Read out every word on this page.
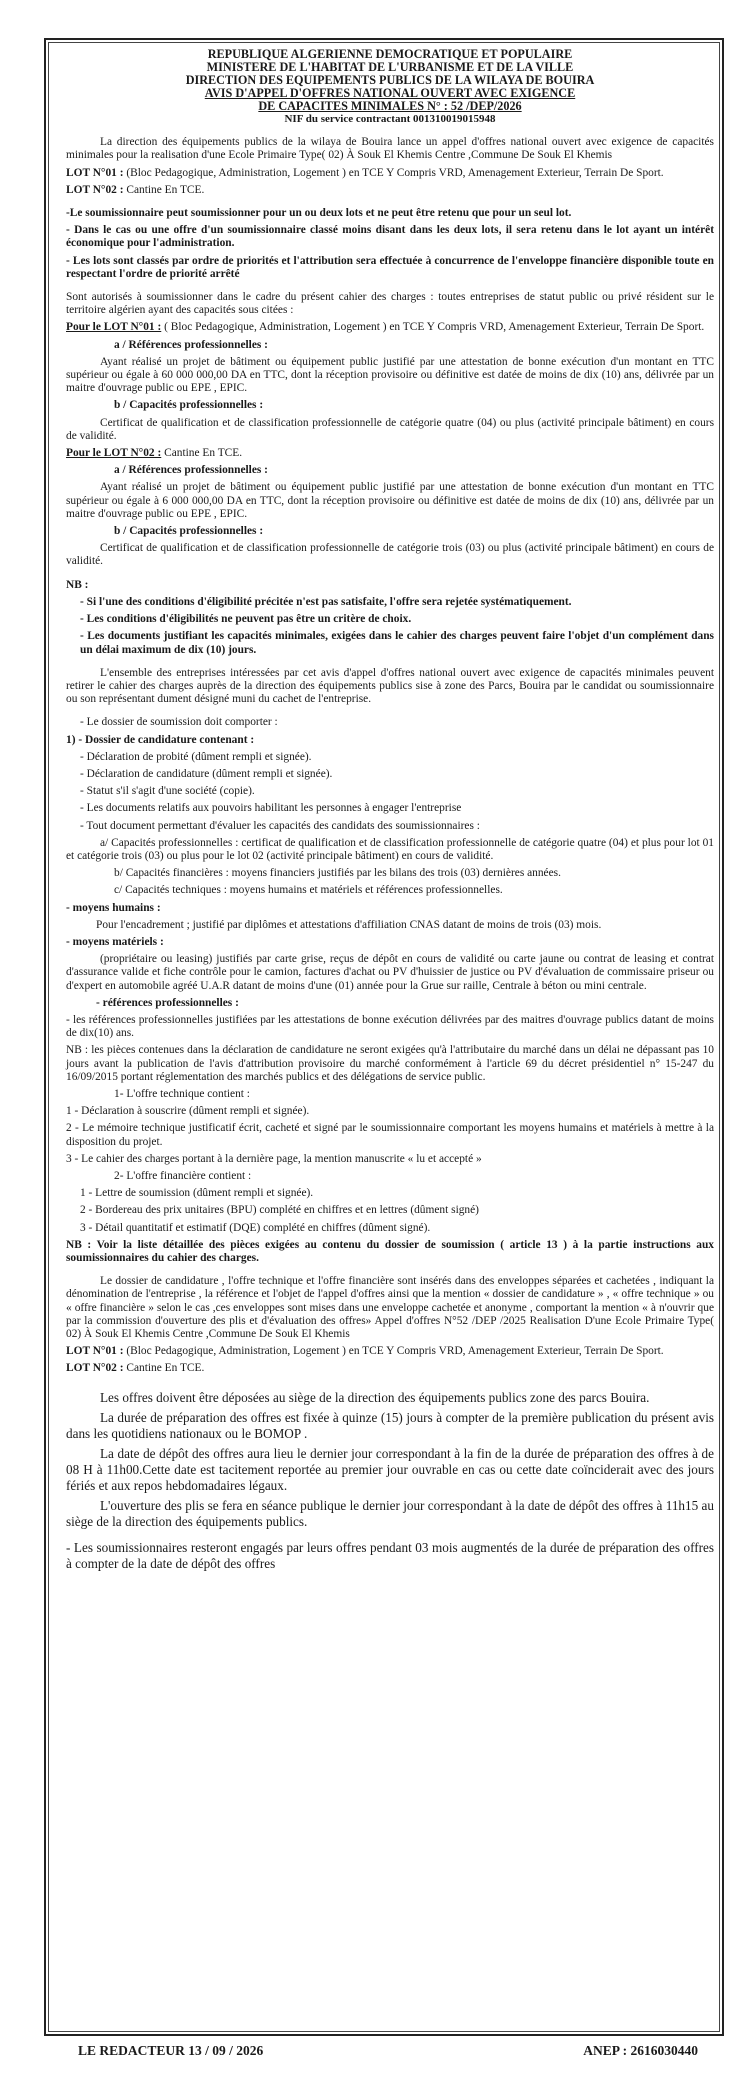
REPUBLIQUE ALGERIENNE DEMOCRATIQUE ET POPULAIRE
MINISTERE DE L'HABITAT DE L'URBANISME ET DE LA VILLE
DIRECTION DES EQUIPEMENTS PUBLICS DE LA WILAYA DE BOUIRA
AVIS D'APPEL D'OFFRES NATIONAL OUVERT AVEC EXIGENCE
DE CAPACITES MINIMALES N° : 52 /DEP/2026
NIF du service contractant 001310019015948

La direction des équipements publics de la wilaya de Bouira lance un appel d'offres national ouvert avec exigence de capacités minimales pour la realisation d'une Ecole Primaire Type( 02) À Souk El Khemis Centre ,Commune De Souk El Khemis

LOT N°01 : (Bloc Pedagogique, Administration, Logement ) en TCE Y Compris VRD, Amenagement Exterieur, Terrain De Sport.

LOT N°02 : Cantine En TCE.

-Le soumissionnaire peut soumissionner pour un ou deux lots et ne peut être retenu que pour un seul lot.

- Dans le cas ou une offre d'un soumissionnaire classé moins disant dans les deux lots, il sera retenu dans le lot ayant un intérêt économique pour l'administration.

- Les lots sont classés par ordre de priorités et l'attribution sera effectuée à concurrence de l'enveloppe financière disponible toute en respectant l'ordre de priorité arrêté

Sont autorisés à soumissionner dans le cadre du présent cahier des charges : toutes entreprises de statut public ou privé résident sur le territoire algérien ayant des capacités sous citées :

Pour le LOT N°01 : ( Bloc Pedagogique, Administration, Logement ) en TCE Y Compris VRD, Amenagement Exterieur, Terrain De Sport.

a / Références professionnelles :

Ayant réalisé un projet de bâtiment ou équipement public justifié par une attestation de bonne exécution d'un montant en TTC supérieur ou égale à 60 000 000,00 DA en TTC, dont la réception provisoire ou définitive est datée de moins de dix (10) ans, délivrée par un maitre d'ouvrage public ou EPE , EPIC.

b / Capacités professionnelles :

Certificat de qualification et de classification professionnelle de catégorie quatre (04) ou plus (activité principale bâtiment) en cours de validité.

Pour le LOT N°02 : Cantine En TCE.

a / Références professionnelles :

Ayant réalisé un projet de bâtiment ou équipement public justifié par une attestation de bonne exécution d'un montant en TTC supérieur ou égale à 6 000 000,00 DA en TTC, dont la réception provisoire ou définitive est datée de moins de dix (10) ans, délivrée par un maitre d'ouvrage public ou EPE , EPIC.

b / Capacités professionnelles :

Certificat de qualification et de classification professionnelle de catégorie trois (03) ou plus (activité principale bâtiment) en cours de validité.

NB :

- Si l'une des conditions d'éligibilité précitée n'est pas satisfaite, l'offre sera rejetée systématiquement.

- Les conditions d'éligibilités ne peuvent pas être un critère de choix.

- Les documents justifiant les capacités minimales, exigées dans le cahier des charges peuvent faire l'objet d'un complément dans un délai maximum de dix (10) jours.

L'ensemble des entreprises intéressées par cet avis d'appel d'offres national ouvert avec exigence de capacités minimales peuvent retirer le cahier des charges auprès de la direction des équipements publics sise à zone des Parcs, Bouira par le candidat ou soumissionnaire ou son représentant dument désigné muni du cachet de l'entreprise.

- Le dossier de soumission doit comporter :

1) - Dossier de candidature contenant :

- Déclaration de probité (dûment rempli et signée).

- Déclaration de candidature (dûment rempli et signée).

- Statut s'il s'agit d'une société (copie).

- Les documents relatifs aux pouvoirs habilitant les personnes à engager l'entreprise

- Tout document permettant d'évaluer les capacités des candidats des soumissionnaires :

a/ Capacités professionnelles : certificat de qualification et de classification professionnelle de catégorie quatre (04) et plus pour lot 01 et catégorie trois (03) ou plus pour le lot 02 (activité principale bâtiment) en cours de validité.

b/ Capacités financières : moyens financiers justifiés par les bilans des trois (03) dernières années.

c/ Capacités techniques : moyens humains et matériels et références professionnelles.

- moyens humains :

Pour l'encadrement ; justifié par diplômes et attestations d'affiliation CNAS datant de moins de trois (03) mois.

- moyens matériels :

(propriétaire ou leasing) justifiés par carte grise, reçus de dépôt en cours de validité ou carte jaune ou contrat de leasing et contrat d'assurance valide et fiche contrôle pour le camion, factures d'achat ou PV d'huissier de justice ou PV d'évaluation de commissaire priseur ou d'expert en automobile agréé U.A.R datant de moins d'une (01) année pour la Grue sur raille, Centrale à béton ou mini centrale.

- références professionnelles :

- les références professionnelles justifiées par les attestations de bonne exécution délivrées par des maitres d'ouvrage publics datant de moins de dix(10) ans.

NB : les pièces contenues dans la déclaration de candidature ne seront exigées qu'à l'attributaire du marché dans un délai ne dépassant pas 10 jours avant la publication de l'avis d'attribution provisoire du marché conformément à l'article 69 du décret présidentiel n° 15-247 du 16/09/2015 portant réglementation des marchés publics et des délégations de service public.

1- L'offre technique contient :

1 - Déclaration à souscrire (dûment rempli et signée).

2 - Le mémoire technique justificatif écrit, cacheté et signé par le soumissionnaire comportant les moyens humains et matériels à mettre à la disposition du projet.

3 - Le cahier des charges portant à la dernière page, la mention manuscrite « lu et accepté »

2- L'offre financière contient :

1 - Lettre de soumission (dûment rempli et signée).

2 - Bordereau des prix unitaires (BPU) complété en chiffres et en lettres (dûment signé)

3 - Détail quantitatif et estimatif (DQE) complété en chiffres (dûment signé).

NB : Voir la liste détaillée des pièces exigées au contenu du dossier de soumission ( article 13 ) à la partie instructions aux soumissionnaires du cahier des charges.

Le dossier de candidature , l'offre technique et l'offre financière sont insérés dans des enveloppes séparées et cachetées , indiquant la dénomination de l'entreprise , la référence et l'objet de l'appel d'offres ainsi que la mention « dossier de candidature » , « offre technique » ou « offre financière » selon le cas ,ces enveloppes sont mises dans une enveloppe cachetée et anonyme , comportant la mention « à n'ouvrir que par la commission d'ouverture des plis et d'évaluation des offres» Appel d'offres N°52 /DEP /2025 Realisation D'une Ecole Primaire Type( 02) À Souk El Khemis Centre ,Commune De Souk El Khemis

LOT N°01 : (Bloc Pedagogique, Administration, Logement ) en TCE Y Compris VRD, Amenagement Exterieur, Terrain De Sport.

LOT N°02 : Cantine En TCE.

Les offres doivent être déposées au siège de la direction des équipements publics zone des parcs Bouira.

La durée de préparation des offres est fixée à quinze (15) jours à compter de la première publication du présent avis dans les quotidiens nationaux ou le BOMOP .

La date de dépôt des offres aura lieu le dernier jour correspondant à la fin de la durée de préparation des offres à de 08 H à 11h00.Cette date est tacitement reportée au premier jour ouvrable en cas ou cette date coïnciderait avec des jours fériés et aux repos hebdomadaires légaux.

L'ouverture des plis se fera en séance publique le dernier jour correspondant à la date de dépôt des offres à 11h15 au siège de la direction des équipements publics.

- Les soumissionnaires resteront engagés par leurs offres pendant 03 mois augmentés de la durée de préparation des offres à compter de la date de dépôt des offres

LE REDACTEUR 13 / 09 / 2026	ANEP : 2616030440
